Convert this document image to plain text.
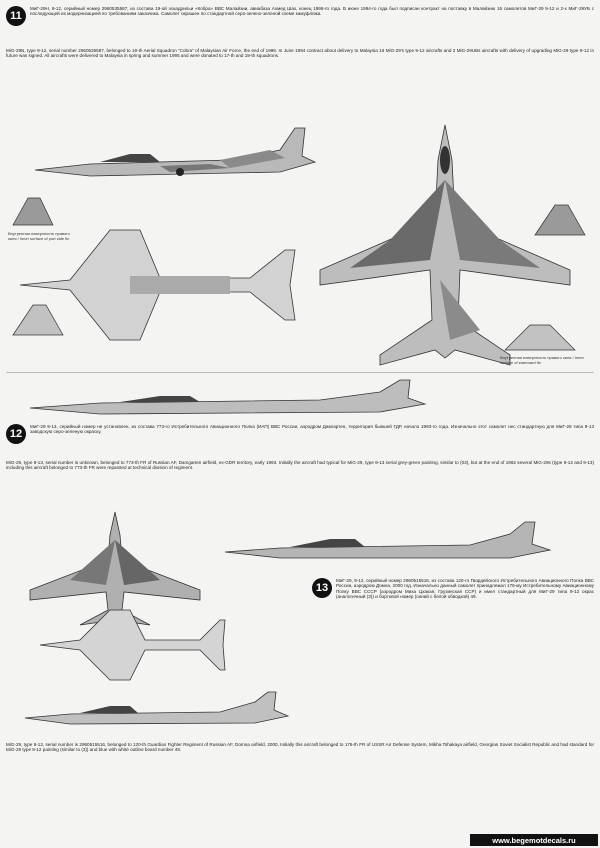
11
МиГ-29Н, 9-12, серийный номер 2960535587, из состава 19-ой эскадрильи «Кобра» ВВС Малайзии, авиабаза Ахмед Шах, конец 1998-го года. В июне 1994-го года был подписан контракт на поставку в Малайзию 16 самолетов МиГ-29 9-12 и 2-х МиГ-29УБ с последующей их модернизацией по требованиям заказчика. Самолет окрашен по стандартной серо-зелено-зеленой схеме камуфляжа.
MiG-29N, type 9-12, serial number 2960535587, belonged to 19-th Aerial Squadron "Cobra" of Malaysian Air Force, the end of 1998. In June 1994 contract about delivery to Malaysia 16 MiG-29's type 9-12 aircrafts and 2 MiG-29UBs aircrafts with delivery of upgrading MiG-29 type 9-12 in future was signed. All aircrafts were delivered to Malaysia in spring and summer 1995 and were donated to 17-th and 19-th squadrons.
Внутренняя поверхность правого киля / Inner surface of port side fin
Внутренняя поверхность правого киля / Inner surface of starboard fin
12
МиГ-29 9-13, серийный номер не установлен, из состава 773-го Истребительного Авиационного Полка (ИАП) ВВС России, аэродром Дамгартен, территория бывшей ГДР, начало 1993-го года. Изначально этот самолет нес стандартную для МиГ-29 типа 9-13 заводскую серо-зеленую окраску.
MiG-29, type 9-13, serial number is unknown, belonged to 773-th FR of Russian AF, Damgarten airfield, ex-GDR territory, early 1993. Initially the aircraft had typical for MiG-29, type 9-13 serial grey-green painting, similar to (03), but at the end of 1992 several MiG-29s (type 9-12 and 9-13) including this aircraft belonged to 773-th FR were repainted at technical division of regiment.
13
МиГ-29, 9-12, серийный номер 2960515516, из состава 120-го Гвардейского Истребительного Авиационного Полка ВВС России, аэродром Домна, 2000 год. Изначально данный самолет принадлежал 176-му Истребительному Авиационному Полку ВВС СССР (аэродром Миха Цхакая, Грузинская ССР) и имел стандартный для МиГ-29 типа 9-12 окрас (аналогичный (3)) и бортовой номер (синий с белой обводкой) 49.
MiG-29, type 9-12, serial number is 2960515516, belonged to 120-th Guardian Fighter Regiment of Russian AF, Domna airfield, 2000. Initially this aircraft belonged to 176-th FR of USSR Air Defense System, Mikha Tshakaya airfield, Georgian Soviet Socialist Republic and had standard for MiG-29 type 9-12 painting (similar to (3)) and blue with white outline board number 49.
www.begemotdecals.ru
